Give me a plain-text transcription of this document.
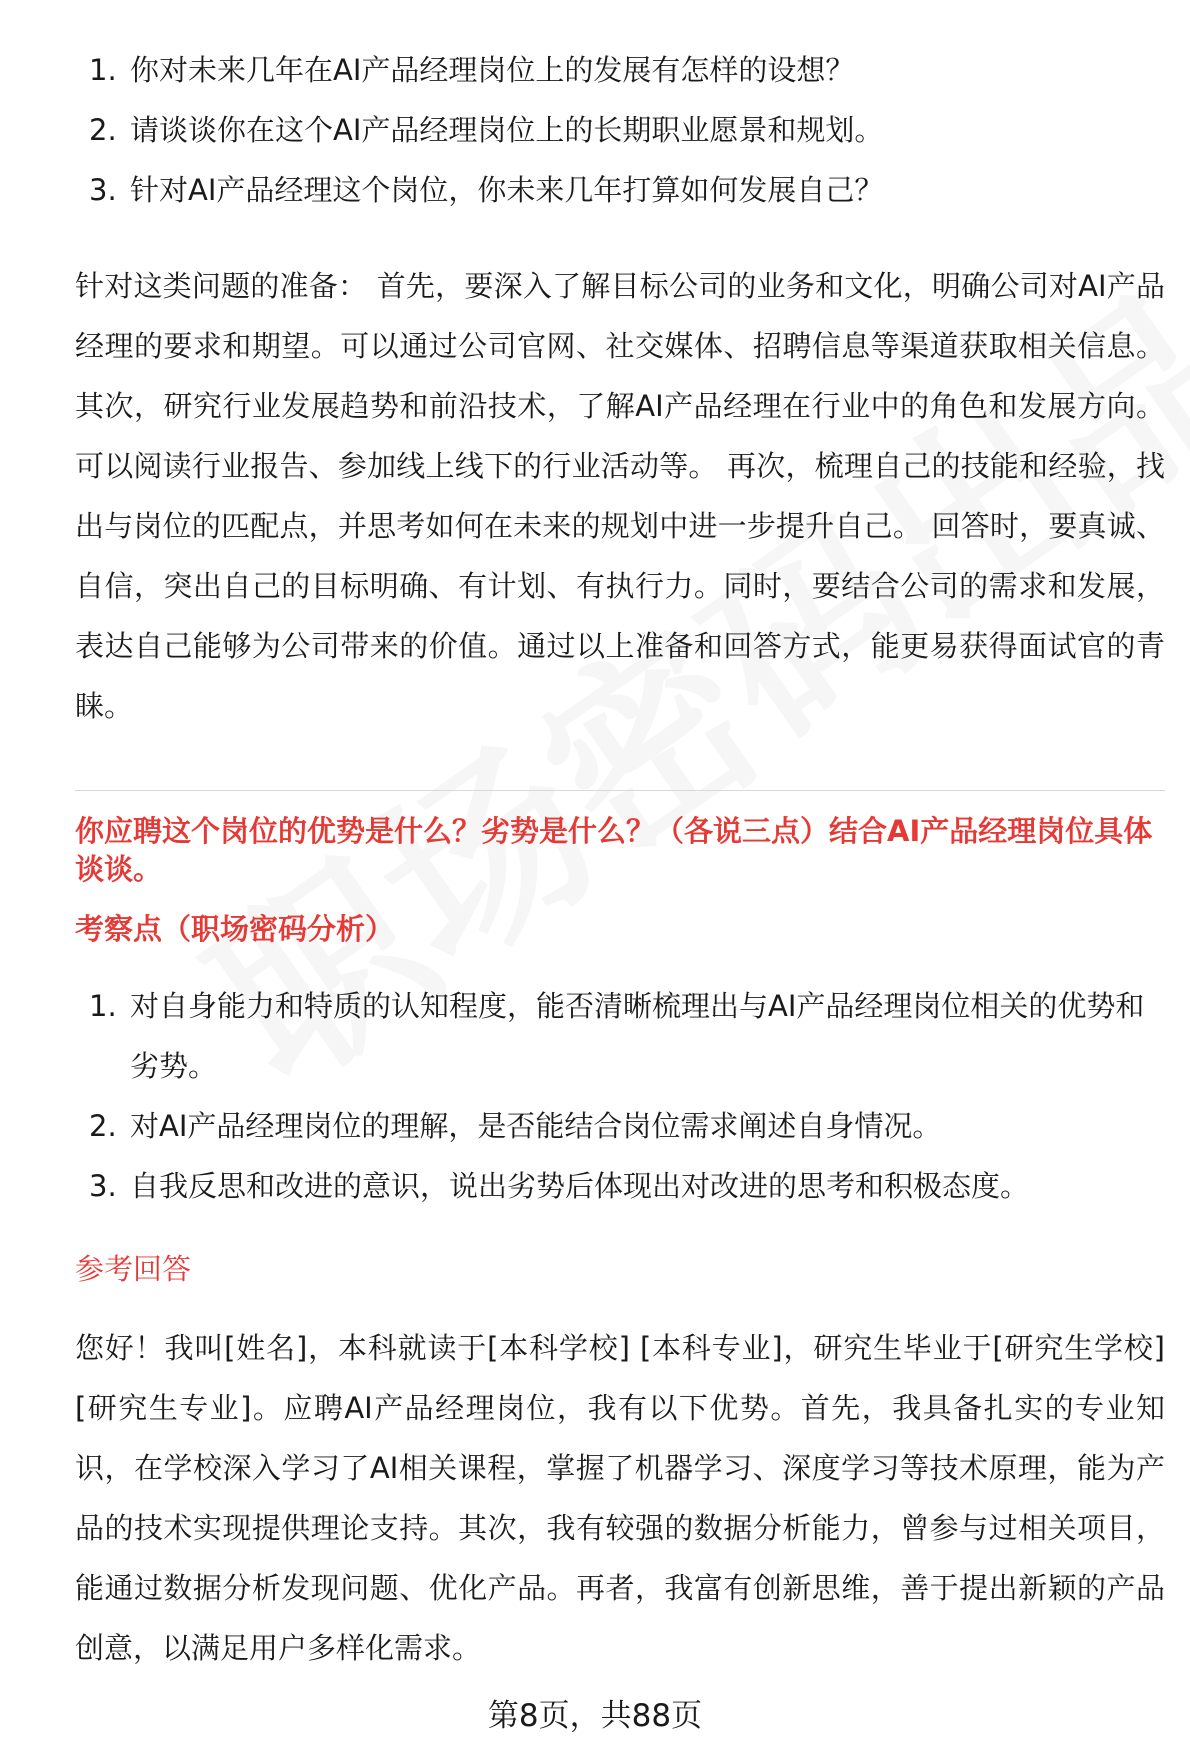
1. 你对未来几年在AI产品经理岗位上的发展有怎样的设想？
2. 请谈谈你在这个AI产品经理岗位上的长期职业愿景和规划。
3. 针对AI产品经理这个岗位，你未来几年打算如何发展自己？

针对这类问题的准备： 首先，要深入了解目标公司的业务和文化，明确公司对AI产品经理的要求和期望。可以通过公司官网、社交媒体、招聘信息等渠道获取相关信息。 其次，研究行业发展趋势和前沿技术，了解AI产品经理在行业中的角色和发展方向。可以阅读行业报告、参加线上线下的行业活动等。 再次，梳理自己的技能和经验，找出与岗位的匹配点，并思考如何在未来的规划中进一步提升自己。 回答时，要真诚、自信，突出自己的目标明确、有计划、有执行力。同时，要结合公司的需求和发展，表达自己能够为公司带来的价值。通过以上准备和回答方式，能更易获得面试官的青睐。

你应聘这个岗位的优势是什么？劣势是什么？（各说三点）结合AI产品经理岗位具体谈谈。
考察点（职场密码分析）
1. 对自身能力和特质的认知程度，能否清晰梳理出与AI产品经理岗位相关的优势和劣势。
2. 对AI产品经理岗位的理解，是否能结合岗位需求阐述自身情况。
3. 自我反思和改进的意识，说出劣势后体现出对改进的思考和积极态度。
参考回答

您好！我叫[姓名]，本科就读于[本科学校] [本科专业]，研究生毕业于[研究生学校] [研究生专业]。应聘AI产品经理岗位，我有以下优势。首先，我具备扎实的专业知识，在学校深入学习了AI相关课程，掌握了机器学习、深度学习等技术原理，能为产品的技术实现提供理论支持。其次，我有较强的数据分析能力，曾参与过相关项目，能通过数据分析发现问题、优化产品。再者，我富有创新思维，善于提出新颖的产品创意，以满足用户多样化需求。

第8页，共88页
